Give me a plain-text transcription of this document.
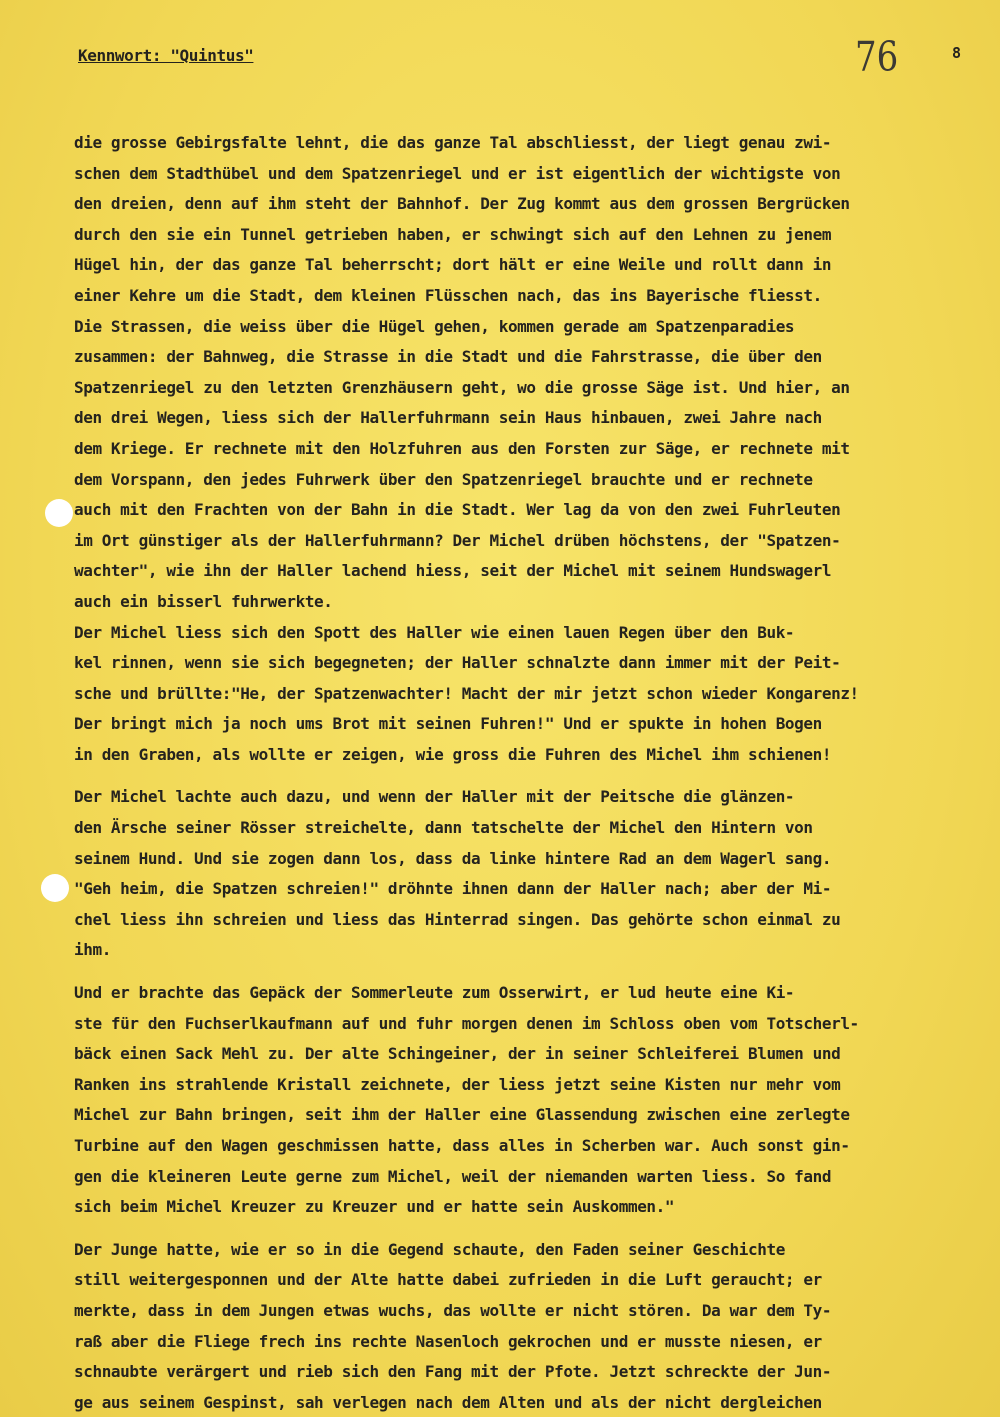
Kennwort: "Quintus"	76	8
die grosse Gebirgsfalte lehnt, die das ganze Tal abschliesst, der liegt genau zwi-
schen dem Stadthübel und dem Spatzenriegel und er ist eigentlich der wichtigste von
den dreien, denn auf ihm steht der Bahnhof. Der Zug kommt aus dem grossen Bergrücken
durch den sie ein Tunnel getrieben haben, er schwingt sich auf den Lehnen zu jenem
Hügel hin, der das ganze Tal beherrscht; dort hält er eine Weile und rollt dann in
einer Kehre um die Stadt, dem kleinen Flüsschen nach, das ins Bayerische fliesst.
Die Strassen, die weiss über die Hügel gehen, kommen gerade am Spatzenparadies
zusammen: der Bahnweg, die Strasse in die Stadt und die Fahrstrasse, die über den
Spatzenriegel zu den letzten Grenzhäusern geht, wo die grosse Säge ist. Und hier, an
den drei Wegen, liess sich der Hallerfuhrmann sein Haus hinbauen, zwei Jahre nach
dem Kriege. Er rechnete mit den Holzfuhren aus den Forsten zur Säge, er rechnete mit
dem Vorspann, den jedes Fuhrwerk über den Spatzenriegel brauchte und er rechnete
auch mit den Frachten von der Bahn in die Stadt. Wer lag da von den zwei Fuhrleuten
im Ort günstiger als der Hallerfuhrmann? Der Michel drüben höchstens, der "Spatzen-
wachter", wie ihn der Haller lachend hiess, seit der Michel mit seinem Hundswagerl
auch ein bisserl fuhrwerkte.
Der Michel liess sich den Spott des Haller wie einen lauen Regen über den Buk-
kel rinnen, wenn sie sich begegneten; der Haller schnalzte dann immer mit der Peit-
sche und brüllte:"He, der Spatzenwachter! Macht der mir jetzt schon wieder Kongarenz!
Der bringt mich ja noch ums Brot mit seinen Fuhren!" Und er spukte in hohen Bogen
in den Graben, als wollte er zeigen, wie gross die Fuhren des Michel ihm schienen!
Der Michel lachte auch dazu, und wenn der Haller mit der Peitsche die glänzen-
den Ärsche seiner Rösser streichelte, dann tatschelte der Michel den Hintern von
seinem Hund. Und sie zogen dann los, dass da linke hintere Rad an dem Wagerl sang.
"Geh heim, die Spatzen schreien!" dröhnte ihnen dann der Haller nach; aber der Mi-
chel liess ihn schreien und liess das Hinterrad singen. Das gehörte schon einmal zu
ihm.
Und er brachte das Gepäck der Sommerleute zum Osserwirt, er lud heute eine Ki-
ste für den Fuchserlkaufmann auf und fuhr morgen denen im Schloss oben vom Totscherl-
bäck einen Sack Mehl zu. Der alte Schingeiner, der in seiner Schleiferei Blumen und
Ranken ins strahlende Kristall zeichnete, der liess jetzt seine Kisten nur mehr vom
Michel zur Bahn bringen, seit ihm der Haller eine Glassendung zwischen eine zerlegte
Turbine auf den Wagen geschmissen hatte, dass alles in Scherben war. Auch sonst gin-
gen die kleineren Leute gerne zum Michel, weil der niemanden warten liess. So fand
sich beim Michel Kreuzer zu Kreuzer und er hatte sein Auskommen."
Der Junge hatte, wie er so in die Gegend schaute, den Faden seiner Geschichte
still weitergesponnen und der Alte hatte dabei zufrieden in die Luft geraucht; er
merkte, dass in dem Jungen etwas wuchs, das wollte er nicht stören. Da war dem Ty-
raß aber die Fliege frech ins rechte Nasenloch gekrochen und er musste niesen, er
schnaubte verärgert und rieb sich den Fang mit der Pfote. Jetzt schreckte der Jun-
ge aus seinem Gespinst, sah verlegen nach dem Alten und als der nicht dergleichen
